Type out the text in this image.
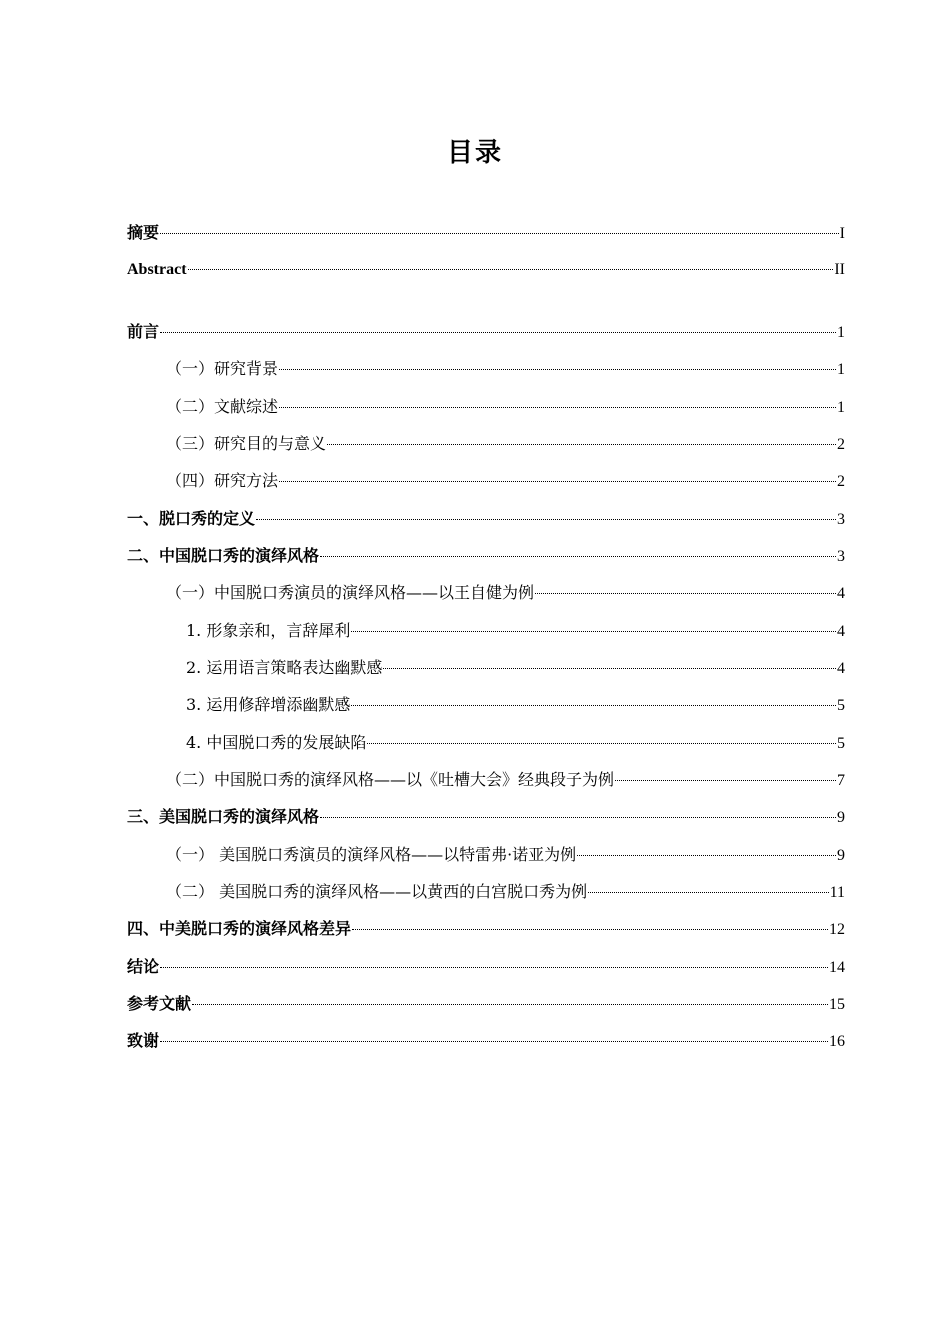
目录
摘要	I
Abstract	II
前言	1
（一）研究背景	1
（二）文献综述	1
（三）研究目的与意义	2
（四）研究方法	2
一、脱口秀的定义	3
二、中国脱口秀的演绎风格	3
（一）中国脱口秀演员的演绎风格——以王自健为例	4
1. 形象亲和，言辞犀利	4
2. 运用语言策略表达幽默感	4
3. 运用修辞增添幽默感	5
4. 中国脱口秀的发展缺陷	5
（二）中国脱口秀的演绎风格——以《吐槽大会》经典段子为例	7
三、美国脱口秀的演绎风格	9
（一） 美国脱口秀演员的演绎风格——以特雷弗·诺亚为例	9
（二） 美国脱口秀的演绎风格——以黄西的白宫脱口秀为例	11
四、中美脱口秀的演绎风格差异	12
结论	14
参考文献	15
致谢	16
